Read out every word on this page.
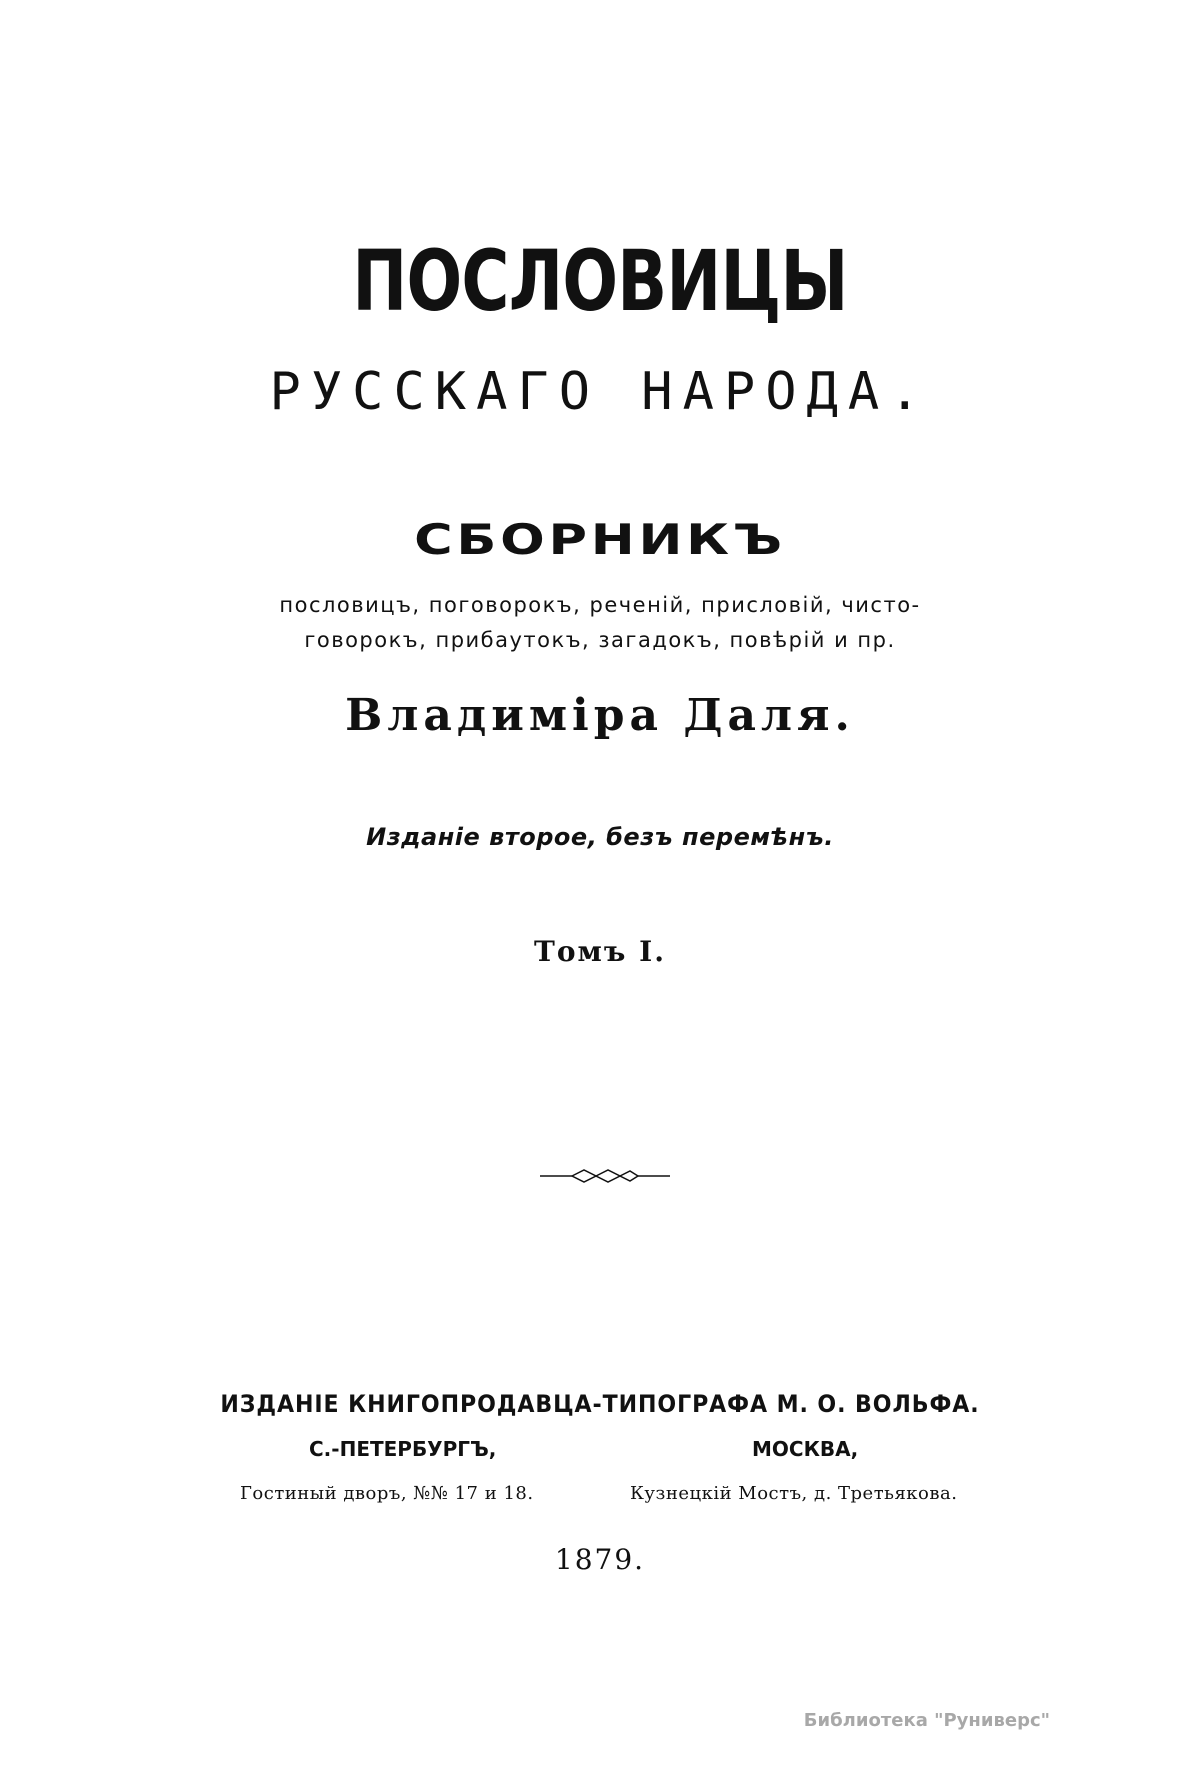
ПОСЛОВИЦЫ
РУССКАГО НАРОДА.
СБОРНИКЪ
пословицъ, поговорокъ, реченій, присловій, чисто-
говорокъ, прибаутокъ, загадокъ, повѣрій и пр.
Владиміра Даля.
Изданіе второе, безъ перемѣнъ.
Томъ I.
ИЗДАНІЕ КНИГОПРОДАВЦА-ТИПОГРАФА М. О. ВОЛЬФА.
С.-ПЕТЕРБУРГЪ,	МОСКВА,
Гостиный дворъ, №№ 17 и 18.	Кузнецкій Мостъ, д. Третьякова.
1879.
Библиотека "Руниверс"
